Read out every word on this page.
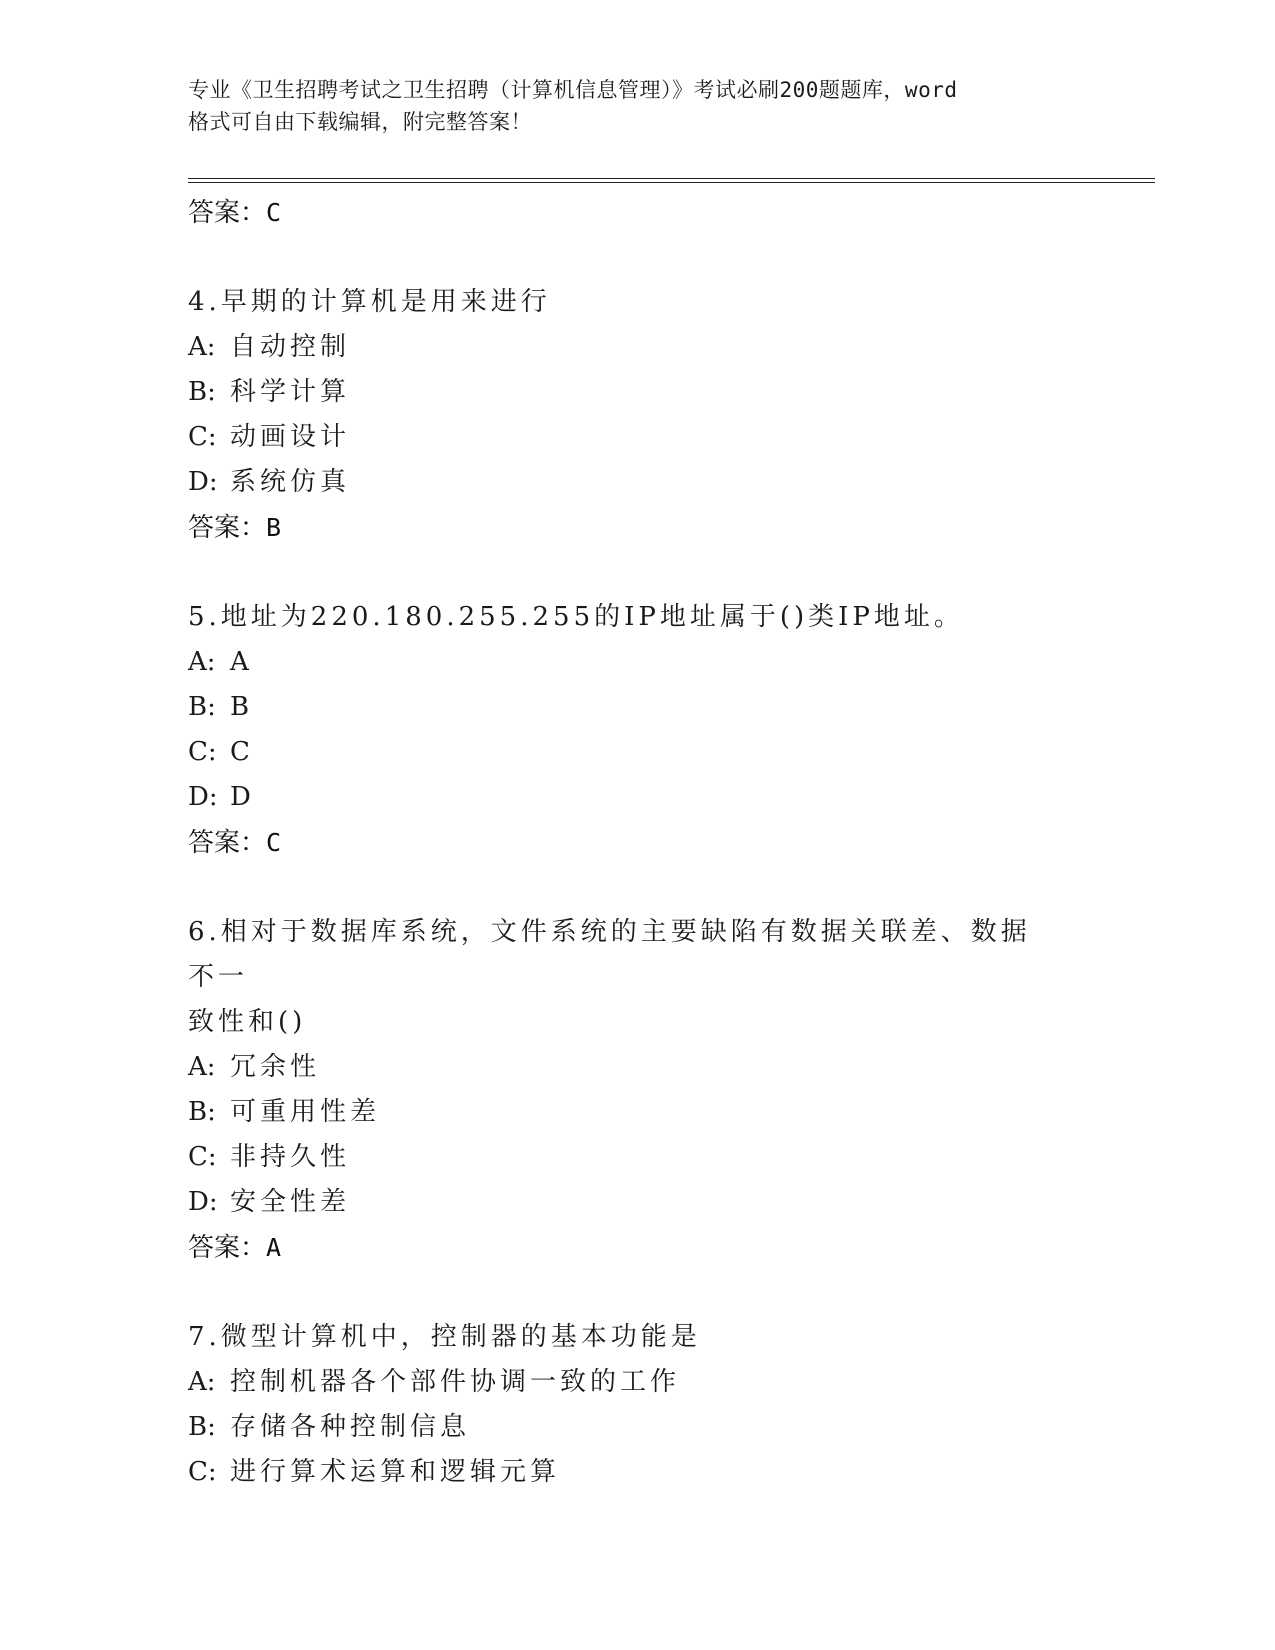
专业《卫生招聘考试之卫生招聘（计算机信息管理）》考试必刷200题题库，word
格式可自由下载编辑，附完整答案！
答案：C
4.早期的计算机是用来进行
A: 自动控制
B: 科学计算
C: 动画设计
D: 系统仿真
答案：B
5.地址为220.180.255.255的IP地址属于()类IP地址。
A: A
B: B
C: C
D: D
答案：C
6.相对于数据库系统，文件系统的主要缺陷有数据关联差、数据不一
致性和()
A: 冗余性
B: 可重用性差
C: 非持久性
D: 安全性差
答案：A
7.微型计算机中，控制器的基本功能是
A: 控制机器各个部件协调一致的工作
B: 存储各种控制信息
C: 进行算术运算和逻辑元算
